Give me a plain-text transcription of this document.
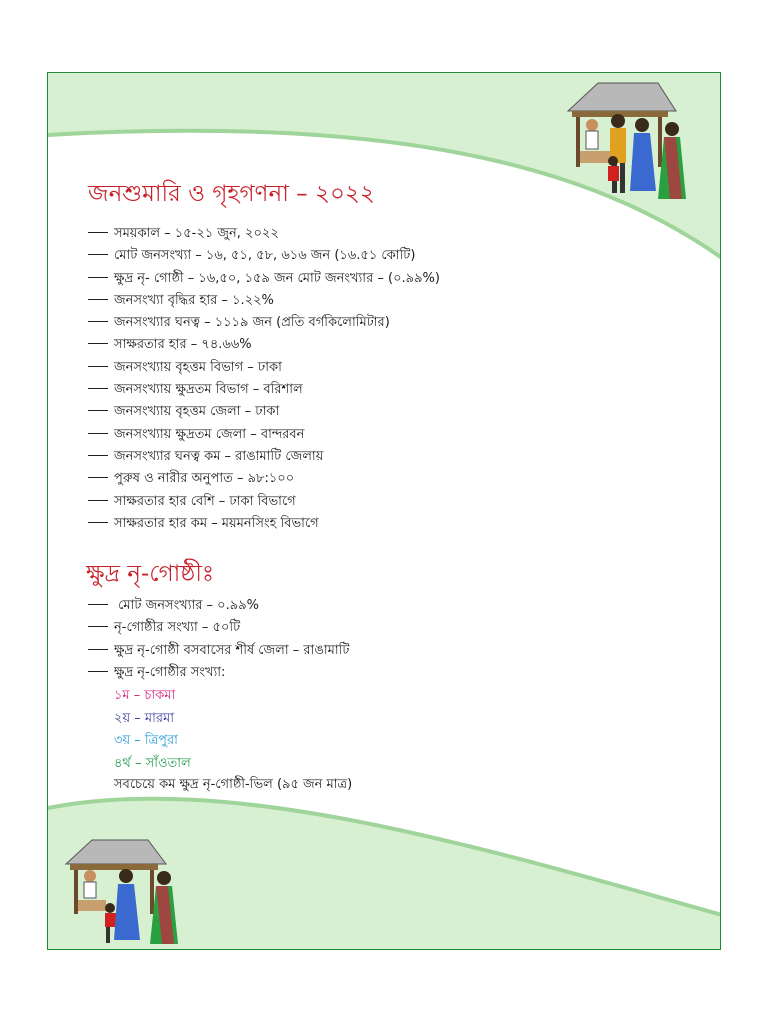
জনশুমারি ও গৃহগণনা – ২০২২
সময়কাল – ১৫-২১ জুন, ২০২২
মোট জনসংখ্যা – ১৬, ৫১, ৫৮, ৬১৬ জন (১৬.৫১ কোটি)
ক্ষুদ্র নৃ- গোষ্ঠী – ১৬,৫০, ১৫৯ জন মোট জনংখ্যার – (০.৯৯%)
জনসংখ্যা বৃদ্ধির হার – ১.২২%
জনসংখ্যার ঘনত্ব – ১১১৯ জন (প্রতি বর্গকিলোমিটার)
সাক্ষরতার হার – ৭৪.৬৬%
জনসংখ্যায় বৃহত্তম বিভাগ – ঢাকা
জনসংখ্যায় ক্ষুদ্রতম বিভাগ – বরিশাল
জনসংখ্যায় বৃহত্তম জেলা – ঢাকা
জনসংখ্যায় ক্ষুদ্রতম জেলা – বান্দরবন
জনসংখ্যার ঘনত্ব কম – রাঙামাটি জেলায়
পুরুষ ও নারীর অনুপাত – ৯৮:১০০
সাক্ষরতার হার বেশি – ঢাকা বিভাগে
সাক্ষরতার হার কম – ময়মনসিংহ বিভাগে
ক্ষুদ্র নৃ-গোষ্ঠীঃ
মোট জনসংখ্যার – ০.৯৯%
নৃ-গোষ্ঠীর সংখ্যা – ৫০টি
ক্ষুদ্র নৃ-গোষ্ঠী বসবাসের শীর্ষ জেলা – রাঙামাটি
ক্ষুদ্র নৃ-গোষ্ঠীর সংখ্যা:
১ম – চাকমা
২য় – মারমা
৩য় – ত্রিপুরা
৪র্থ – সাঁওতাল

সবচেয়ে কম ক্ষুদ্র নৃ-গোষ্ঠী-ভিল (৯৫ জন মাত্র)
